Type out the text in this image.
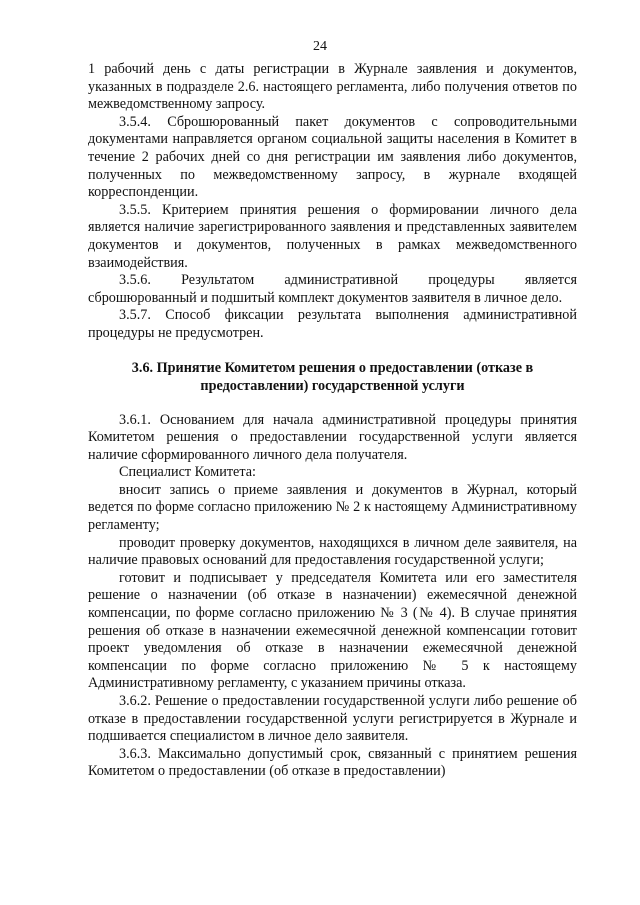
24

1 рабочий день с даты регистрации в Журнале заявления и документов, указанных в подразделе 2.6. настоящего регламента, либо получения ответов по межведомственному запросу.

3.5.4. Сброшюрованный пакет документов с сопроводительными документами направляется органом социальной защиты населения в Комитет в течение 2 рабочих дней со дня регистрации им заявления либо документов, полученных по межведомственному запросу, в журнале входящей корреспонденции.

3.5.5. Критерием принятия решения о формировании личного дела является наличие зарегистрированного заявления и представленных заявителем документов и документов, полученных в рамках межведомственного взаимодействия.

3.5.6. Результатом административной процедуры является сброшюрованный и подшитый комплект документов заявителя в личное дело.

3.5.7. Способ фиксации результата выполнения административной процедуры не предусмотрен.

3.6. Принятие Комитетом решения о предоставлении (отказе в предоставлении) государственной услуги

3.6.1. Основанием для начала административной процедуры принятия Комитетом решения о предоставлении государственной услуги является наличие сформированного личного дела получателя.

Специалист Комитета:

вносит запись о приеме заявления и документов в Журнал, который ведется по форме согласно приложению № 2 к настоящему Административному регламенту;

проводит проверку документов, находящихся в личном деле заявителя, на наличие правовых оснований для предоставления государственной услуги;

готовит и подписывает у председателя Комитета или его заместителя решение о назначении (об отказе в назначении) ежемесячной денежной компенсации, по форме согласно приложению № 3 (№ 4). В случае принятия решения об отказе в назначении ежемесячной денежной компенсации готовит проект уведомления об отказе в назначении ежемесячной денежной компенсации по форме согласно приложению № 5 к настоящему Административному регламенту, с указанием причины отказа.

3.6.2. Решение о предоставлении государственной услуги либо решение об отказе в предоставлении государственной услуги регистрируется в Журнале и подшивается специалистом в личное дело заявителя.

3.6.3. Максимально допустимый срок, связанный с принятием решения Комитетом о предоставлении (об отказе в предоставлении)
